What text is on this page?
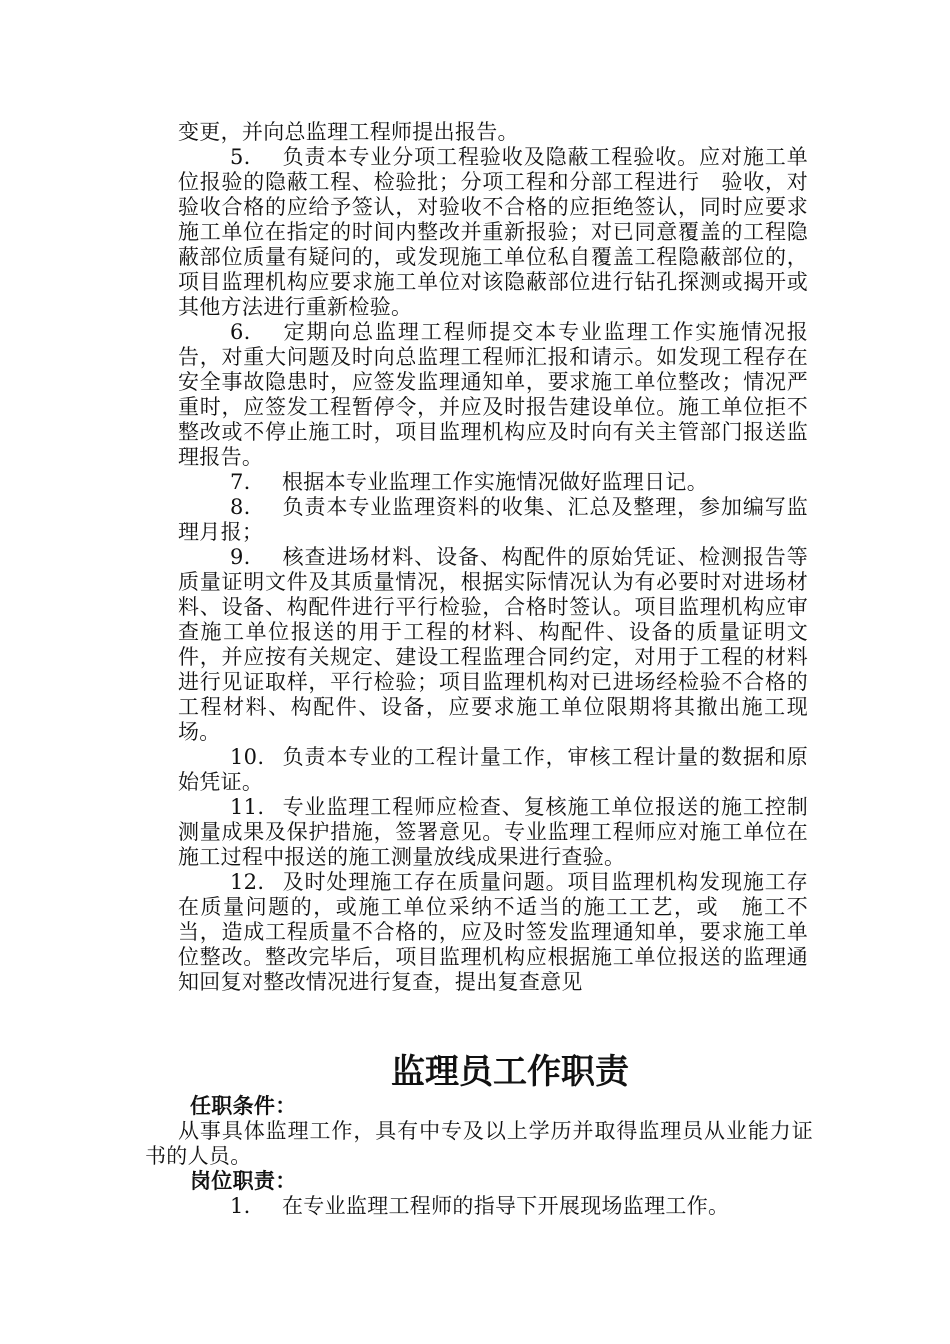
变更，并向总监理工程师提出报告。

5. 负责本专业分项工程验收及隐蔽工程验收。应对施工单位报验的隐蔽工程、检验批；分项工程和分部工程进行　验收，对验收合格的应给予签认，对验收不合格的应拒绝签认，同时应要求施工单位在指定的时间内整改并重新报验；对已同意覆盖的工程隐蔽部位质量有疑问的，或发现施工单位私自覆盖工程隐蔽部位的，项目监理机构应要求施工单位对该隐蔽部位进行钻孔探测或揭开或其他方法进行重新检验。

6. 定期向总监理工程师提交本专业监理工作实施情况报告，对重大问题及时向总监理工程师汇报和请示。如发现工程存在安全事故隐患时，应签发监理通知单，要求施工单位整改；情况严重时，应签发工程暂停令，并应及时报告建设单位。施工单位拒不整改或不停止施工时，项目监理机构应及时向有关主管部门报送监理报告。

7. 根据本专业监理工作实施情况做好监理日记。

8. 负责本专业监理资料的收集、汇总及整理，参加编写监理月报；

9. 核查进场材料、设备、构配件的原始凭证、检测报告等质量证明文件及其质量情况，根据实际情况认为有必要时对进场材料、设备、构配件进行平行检验，合格时签认。项目监理机构应审查施工单位报送的用于工程的材料、构配件、设备的质量证明文件，并应按有关规定、建设工程监理合同约定，对用于工程的材料进行见证取样，平行检验；项目监理机构对已进场经检验不合格的工程材料、构配件、设备，应要求施工单位限期将其撤出施工现场。

10. 负责本专业的工程计量工作，审核工程计量的数据和原始凭证。

11. 专业监理工程师应检查、复核施工单位报送的施工控制测量成果及保护措施，签署意见。专业监理工程师应对施工单位在施工过程中报送的施工测量放线成果进行查验。

12. 及时处理施工存在质量问题。项目监理机构发现施工存在质量问题的，或施工单位采纳不适当的施工工艺，或　施工不当，造成工程质量不合格的，应及时签发监理通知单，要求施工单位整改。整改完毕后，项目监理机构应根据施工单位报送的监理通知回复对整改情况进行复查，提出复查意见

监理员工作职责

任职条件：

从事具体监理工作，具有中专及以上学历并取得监理员从业能力证书的人员。

岗位职责：

1. 在专业监理工程师的指导下开展现场监理工作。
